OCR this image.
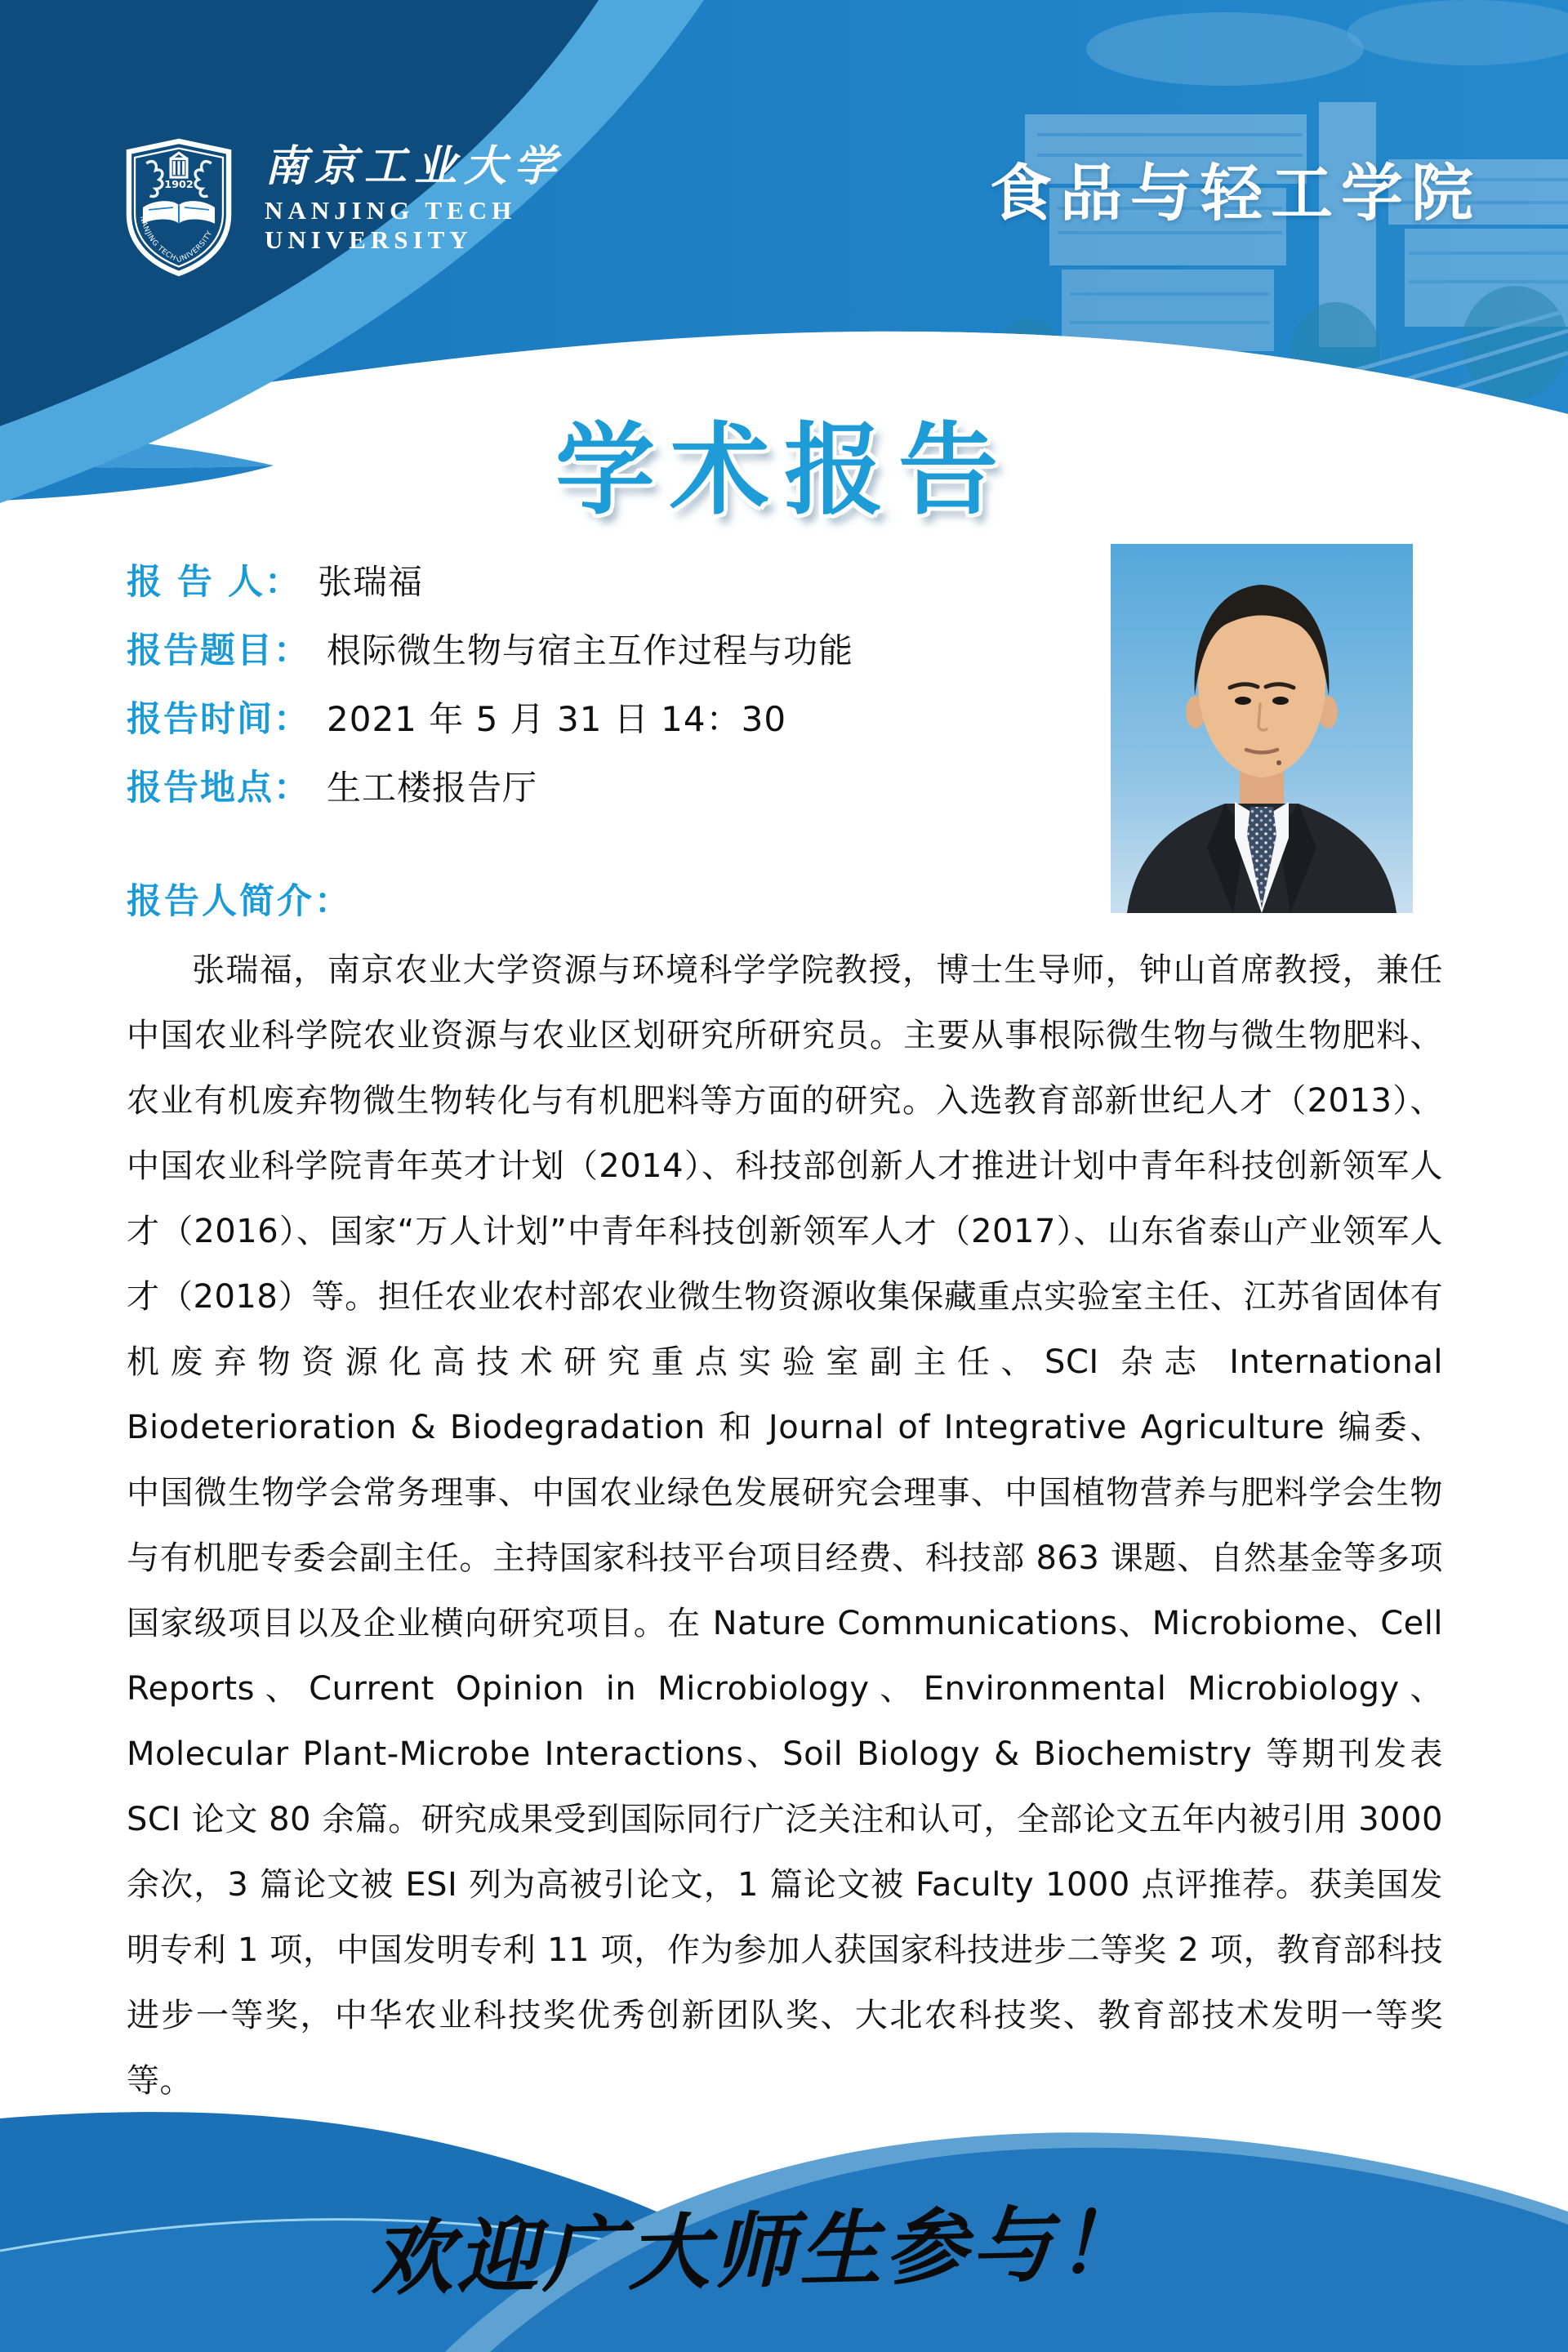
1902
NANJING TECH UNIVERSITY
南京工业大学
NANJING TECH
UNIVERSITY
食品与轻工学院
学术报告
报 告 人： 张瑞福
报告题目： 根际微生物与宿主互作过程与功能
报告时间： 2021 年 5 月 31 日 14：30
报告地点： 生工楼报告厅
报告人简介：

张瑞福，南京农业大学资源与环境科学学院教授，博士生导师，钟山首席教授，兼任中国农业科学院农业资源与农业区划研究所研究员。主要从事根际微生物与微生物肥料、农业有机废弃物微生物转化与有机肥料等方面的研究。入选教育部新世纪人才（2013）、中国农业科学院青年英才计划（2014）、科技部创新人才推进计划中青年科技创新领军人才（2016）、国家“万人计划”中青年科技创新领军人才（2017）、山东省泰山产业领军人才（2018）等。担任农业农村部农业微生物资源收集保藏重点实验室主任、江苏省固体有机废弃物资源化高技术研究重点实验室副主任、SCI 杂志 International Biodeterioration & Biodegradation 和 Journal of Integrative Agriculture 编委、中国微生物学会常务理事、中国农业绿色发展研究会理事、中国植物营养与肥料学会生物与有机肥专委会副主任。主持国家科技平台项目经费、科技部 863 课题、自然基金等多项国家级项目以及企业横向研究项目。在 Nature Communications、Microbiome、Cell Reports、Current Opinion in Microbiology、Environmental Microbiology、Molecular Plant-Microbe Interactions、Soil Biology & Biochemistry 等期刊发表 SCI 论文 80 余篇。研究成果受到国际同行广泛关注和认可，全部论文五年内被引用 3000 余次，3 篇论文被 ESI 列为高被引论文，1 篇论文被 Faculty 1000 点评推荐。获美国发明专利 1 项，中国发明专利 11 项，作为参加人获国家科技进步二等奖 2 项，教育部科技进步一等奖，中华农业科技奖优秀创新团队奖、大北农科技奖、教育部技术发明一等奖等。

欢迎广大师生参与！
